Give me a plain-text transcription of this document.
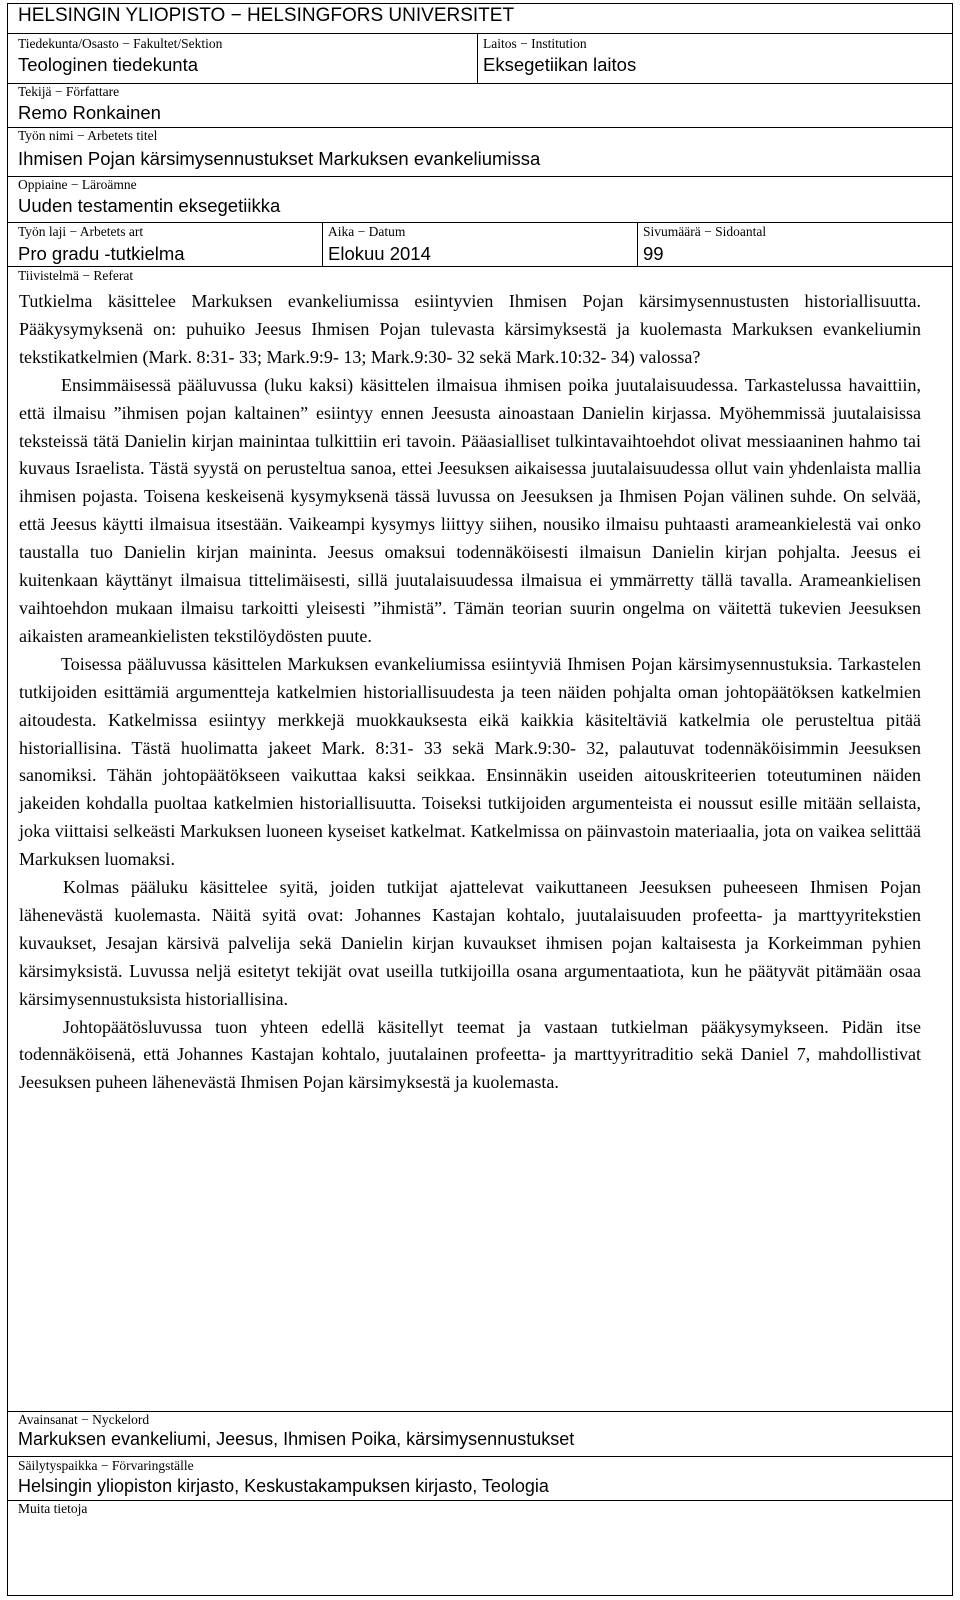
HELSINGIN YLIOPISTO − HELSINGFORS UNIVERSITET
Tiedekunta/Osasto − Fakultet/Sektion
Teologinen tiedekunta
Laitos − Institution
Eksegetiikan laitos
Tekijä − Författare
Remo Ronkainen
Työn nimi − Arbetets titel
Ihmisen Pojan kärsimysennustukset Markuksen evankeliumissa
Oppiaine − Läroämne
Uuden testamentin eksegetiikka
Työn laji − Arbetets art
Pro gradu -tutkielma
Aika − Datum
Elokuu 2014
Sivumäärä − Sidoantal
99
Tiivistelmä − Referat

Tutkielma käsittelee Markuksen evankeliumissa esiintyvien Ihmisen Pojan kärsimysennustusten historiallisuutta. Pääkysymyksenä on: puhuiko Jeesus Ihmisen Pojan tulevasta kärsimyksestä ja kuolemasta Markuksen evankeliumin tekstikatkelmien (Mark. 8:31- 33; Mark.9:9- 13; Mark.9:30- 32 sekä Mark.10:32- 34) valossa?

Ensimmäisessä pääluvussa (luku kaksi) käsittelen ilmaisua ihmisen poika juutalaisuudessa. Tarkastelussa havaittiin, että ilmaisu ”ihmisen pojan kaltainen” esiintyy ennen Jeesusta ainoastaan Danielin kirjassa. Myöhemmissä juutalaisissa teksteissä tätä Danielin kirjan mainintaa tulkittiin eri tavoin. Pääasialliset tulkintavaihtoehdot olivat messiaaninen hahmo tai kuvaus Israelista. Tästä syystä on perusteltua sanoa, ettei Jeesuksen aikaisessa juutalaisuudessa ollut vain yhdenlaista mallia ihmisen pojasta. Toisena keskeisenä kysymyksenä tässä luvussa on Jeesuksen ja Ihmisen Pojan välinen suhde. On selvää, että Jeesus käytti ilmaisua itsestään. Vaikeampi kysymys liittyy siihen, nousiko ilmaisu puhtaasti arameankielestä vai onko taustalla tuo Danielin kirjan maininta. Jeesus omaksui todennäköisesti ilmaisun Danielin kirjan pohjalta. Jeesus ei kuitenkaan käyttänyt ilmaisua tittelimäisesti, sillä juutalaisuudessa ilmaisua ei ymmärretty tällä tavalla. Arameankielisen vaihtoehdon mukaan ilmaisu tarkoitti yleisesti ”ihmistä”. Tämän teorian suurin ongelma on väitettä tukevien Jeesuksen aikaisten arameankielisten tekstilöydösten puute.

Toisessa pääluvussa käsittelen Markuksen evankeliumissa esiintyviä Ihmisen Pojan kärsimysennustuksia. Tarkastelen tutkijoiden esittämiä argumentteja katkelmien historiallisuudesta ja teen näiden pohjalta oman johtopäätöksen katkelmien aitoudesta. Katkelmissa esiintyy merkkejä muokkauksesta eikä kaikkia käsiteltäviä katkelmia ole perusteltua pitää historiallisina. Tästä huolimatta jakeet Mark. 8:31- 33 sekä Mark.9:30- 32, palautuvat todennäköisimmin Jeesuksen sanomiksi. Tähän johtopäätökseen vaikuttaa kaksi seikkaa. Ensinnäkin useiden aitouskriteerien toteutuminen näiden jakeiden kohdalla puoltaa katkelmien historiallisuutta. Toiseksi tutkijoiden argumenteista ei noussut esille mitään sellaista, joka viittaisi selkeästi Markuksen luoneen kyseiset katkelmat. Katkelmissa on päinvastoin materiaalia, jota on vaikea selittää Markuksen luomaksi.

Kolmas pääluku käsittelee syitä, joiden tutkijat ajattelevat vaikuttaneen Jeesuksen puheeseen Ihmisen Pojan lähenevästä kuolemasta. Näitä syitä ovat: Johannes Kastajan kohtalo, juutalaisuuden profeetta- ja marttyyritekstien kuvaukset, Jesajan kärsivä palvelija sekä Danielin kirjan kuvaukset ihmisen pojan kaltaisesta ja Korkeimman pyhien kärsimyksistä. Luvussa neljä esitetyt tekijät ovat useilla tutkijoilla osana argumentaatiota, kun he päätyvät pitämään osaa kärsimysennustuksista historiallisina.

Johtopäätösluvussa tuon yhteen edellä käsitellyt teemat ja vastaan tutkielman pääkysymykseen. Pidän itse todennäköisenä, että Johannes Kastajan kohtalo, juutalainen profeetta- ja marttyyritraditio sekä Daniel 7, mahdollistivat Jeesuksen puheen lähenevästä Ihmisen Pojan kärsimyksestä ja kuolemasta.

Avainsanat − Nyckelord
Markuksen evankeliumi, Jeesus, Ihmisen Poika, kärsimysennustukset
Säilytyspaikka − Förvaringställe
Helsingin yliopiston kirjasto, Keskustakampuksen kirjasto, Teologia
Muita tietoja
